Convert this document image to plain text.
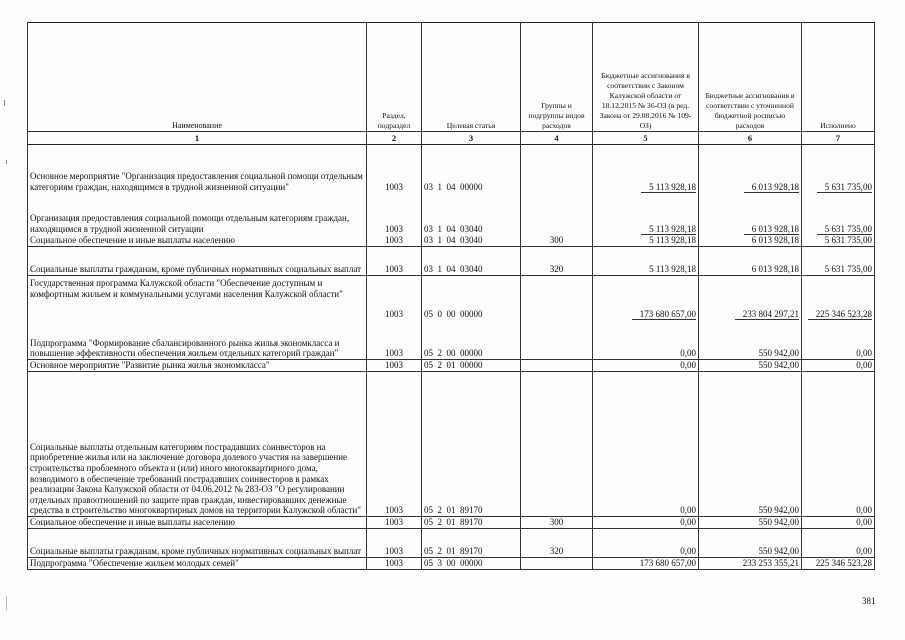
Наименование	Раздел, подраздел	Целевая статья	Группы и подгруппы видов расходов	Бюджетные ассигнования в соответствии с Законом Калужской области от 18.12.2015 № 36-ОЗ (в ред. Закона от 29.08.2016 № 109-ОЗ)	Бюджетные ассигнования в соответствии с уточненной бюджетной росписью расходов	Исполнено
1	2	3	4	5	6	7
Основное мероприятие "Организация предоставления социальной помощи отдельным категориям граждан, находящимся в трудной жизненной ситуации"	1003	03  1  04  00000		5 113 928,18	6 013 928,18	5 631 735,00
Организация предоставления социальной помощи отдельным категориям граждан, находящимся в трудной жизненной ситуации	1003	03  1  04  03040		5 113 928,18	6 013 928,18	5 631 735,00
Социальное обеспечение и иные выплаты населению	1003	03  1  04  03040	300	5 113 928,18	6 013 928,18	5 631 735,00
Социальные выплаты гражданам, кроме публичных нормативных социальных выплат	1003	03  1  04  03040	320	5 113 928,18	6 013 928,18	5 631 735,00
Государственная программа Калужской области "Обеспечение доступным и комфортным жильем и коммунальными услугами населения Калужской области"	1003	05  0  00  00000		173 680 657,00	233 804 297,21	225 346 523,28
Подпрограмма "Формирование сбалансированного рынка жилья экономкласса и повышение эффективности обеспечения жильем отдельных категорий граждан"	1003	05  2  00  00000		0,00	550 942,00	0,00
Основное мероприятие "Развитие рынка жилья экономкласса"	1003	05  2  01  00000		0,00	550 942,00	0,00
Социальные выплаты отдельным категориям пострадавших соинвесторов на приобретение жилья или на заключение договора долевого участия на завершение строительства проблемного объекта и (или) иного многоквартирного дома, возводимого в обеспечение требований пострадавших соинвесторов в рамках реализации Закона Калужской области от 04.06.2012 № 283-ОЗ "О регулировании отдельных правоотношений по защите прав граждан, инвестировавших денежные средства в строительство многоквартирных домов на территории Калужской области"	1003	05  2  01  89170		0,00	550 942,00	0,00
Социальное обеспечение и иные выплаты населению	1003	05  2  01  89170	300	0,00	550 942,00	0,00
Социальные выплаты гражданам, кроме публичных нормативных социальных выплат	1003	05  2  01  89170	320	0,00	550 942,00	0,00
Подпрограмма "Обеспечение жильем молодых семей"	1003	05  3  00  00000		173 680 657,00	233 253 355,21	225 346 523,28
381
